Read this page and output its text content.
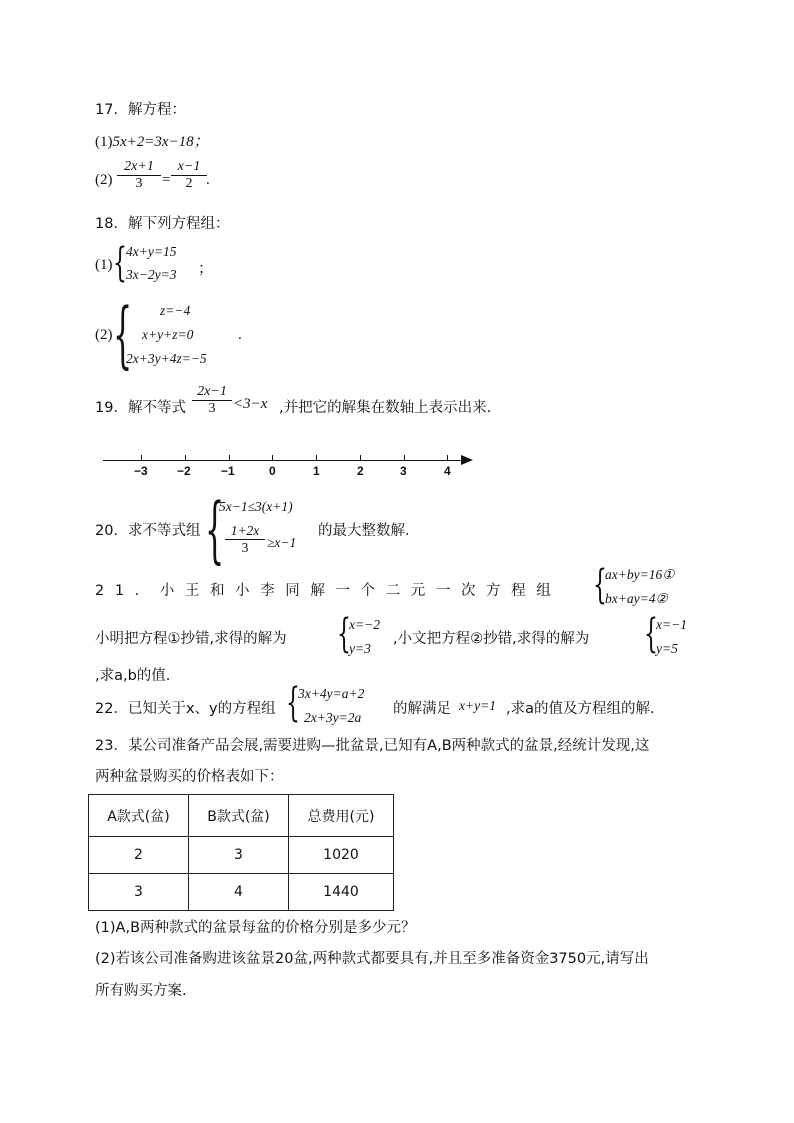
17．解方程：
(1)5x+2=3x−18；
$(2) \frac{2x+1}{3} = \frac{x-1}{2}$ .
18．解下列方程组：
(1) { 4x+y=15
3x−2y=3 ；
(2) { z=−4
x+y+z=0
2x+3y+4z=−5
.
19．解不等式 $\frac{2x-1}{3} <3-x$ ,并把它的解集在数轴上表示出来.
−3 −2	−1	0	1	2	3	4
20．求不等式组 {
5x−1≤3(x+1)
$\frac{1+2x}{3} \ge x-1$
的最大整数解.
21．小王和小李同解一个二元一次方程组 {
ax+by=16①
bx+ay=4②
小明把方程①抄错,求得的解为 {
x=−2
y=3
,小文把方程②抄错,求得的解为 {
x=−1
y=5
,求a,b的值.
22．已知关于x、y的方程组 {
3x+4y=a+2
2x+3y=2a
的解满足 x+y=1 ,求a的值及方程组的解.
23．某公司准备产品会展,需要进购—批盆景,已知有A,B两种款式的盆景,经统计发现,这
两种盆景购买的价格表如下：
A款式(盆)	B款式(盆)	总费用(元)
2	3	1020
3	4	1440
(1)A,B两种款式的盆景每盆的价格分别是多少元？
(2)若该公司准备购进该盆景20盆,两种款式都要具有,并且至多准备资金3750元,请写出
所有购买方案.
